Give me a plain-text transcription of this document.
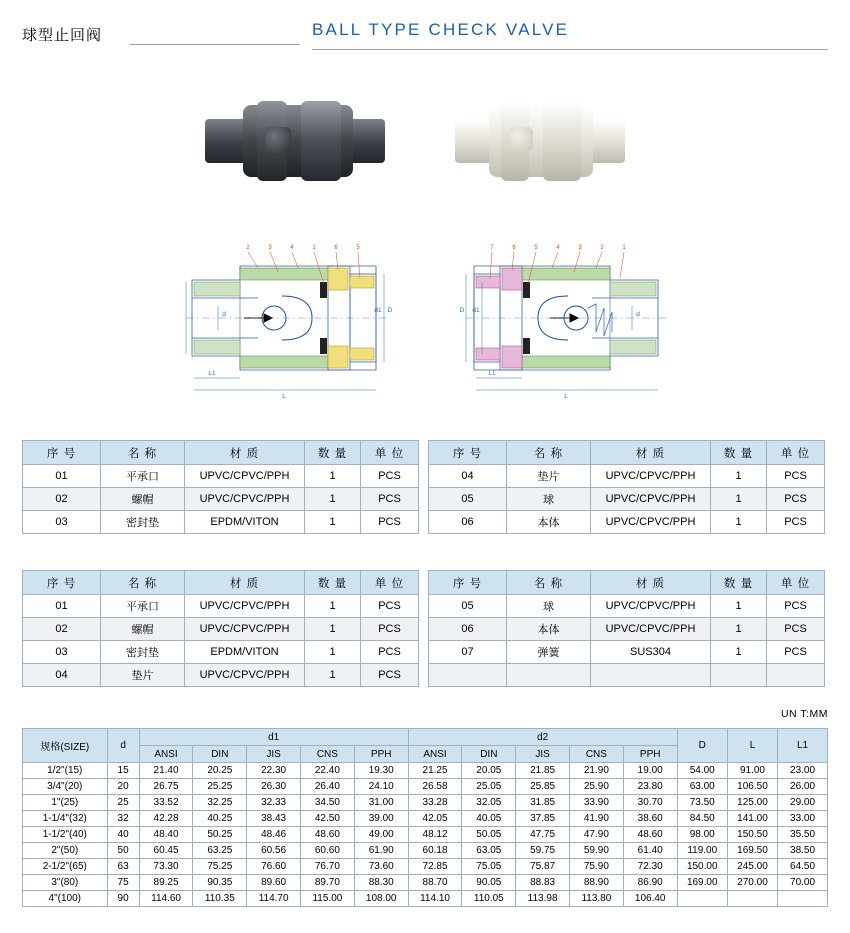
球型止回阀	BALL TYPE CHECK VALVE
2	3	4	1	6	5
d
d1 D
L1
L
7	6	5	4	3	2	1
D d1
d
L1
L
序 号	名 称	材 质	数 量	单 位
01	平承口	UPVC/CPVC/PPH	1	PCS
02	螺帽	UPVC/CPVC/PPH	1	PCS
03	密封垫	EPDM/VITON	1	PCS
序 号	名 称	材 质	数 量	单 位
04	垫片	UPVC/CPVC/PPH	1	PCS
05	球	UPVC/CPVC/PPH	1	PCS
06	本体	UPVC/CPVC/PPH	1	PCS
序 号	名 称	材 质	数 量	单 位
01	平承口	UPVC/CPVC/PPH	1	PCS
02	螺帽	UPVC/CPVC/PPH	1	PCS
03	密封垫	EPDM/VITON	1	PCS
04	垫片	UPVC/CPVC/PPH	1	PCS
序 号	名 称	材 质	数 量	单 位
05	球	UPVC/CPVC/PPH	1	PCS
06	本体	UPVC/CPVC/PPH	1	PCS
07	弹簧	SUS304	1	PCS

UN T:MM
规格(SIZE)	d	d1					d2					D	L	L1
		ANSI	DIN	JIS	CNS	PPH	ANSI	DIN	JIS	CNS	PPH			
1/2"(15)	15	21.40	20.25	22.30	22.40	19.30	21.25	20.05	21.85	21.90	19.00	54.00	91.00	23.00
3/4"(20)	20	26.75	25.25	26.30	26.40	24.10	26.58	25.05	25.85	25.90	23.80	63.00	106.50	26.00
1"(25)	25	33.52	32.25	32.33	34.50	31.00	33.28	32.05	31.85	33.90	30.70	73.50	125.00	29.00
1-1/4"(32)	32	42.28	40.25	38.43	42.50	39.00	42.05	40.05	37.85	41.90	38.60	84.50	141.00	33.00
1-1/2"(40)	40	48.40	50.25	48.46	48.60	49.00	48.12	50.05	47.75	47.90	48.60	98.00	150.50	35.50
2"(50)	50	60.45	63.25	60.56	60.60	61.90	60.18	63.05	59.75	59.90	61.40	119.00	169.50	38.50
2-1/2"(65)	63	73.30	75.25	76.60	76.70	73.60	72.85	75.05	75.87	75.90	72.30	150.00	245.00	64.50
3"(80)	75	89.25	90.35	89.60	89.70	88.30	88.70	90.05	88.83	88.90	86.90	169.00	270.00	70.00
4"(100)	90	114.60	110.35	114.70	115.00	108.00	114.10	110.05	113.98	113.80	106.40			
